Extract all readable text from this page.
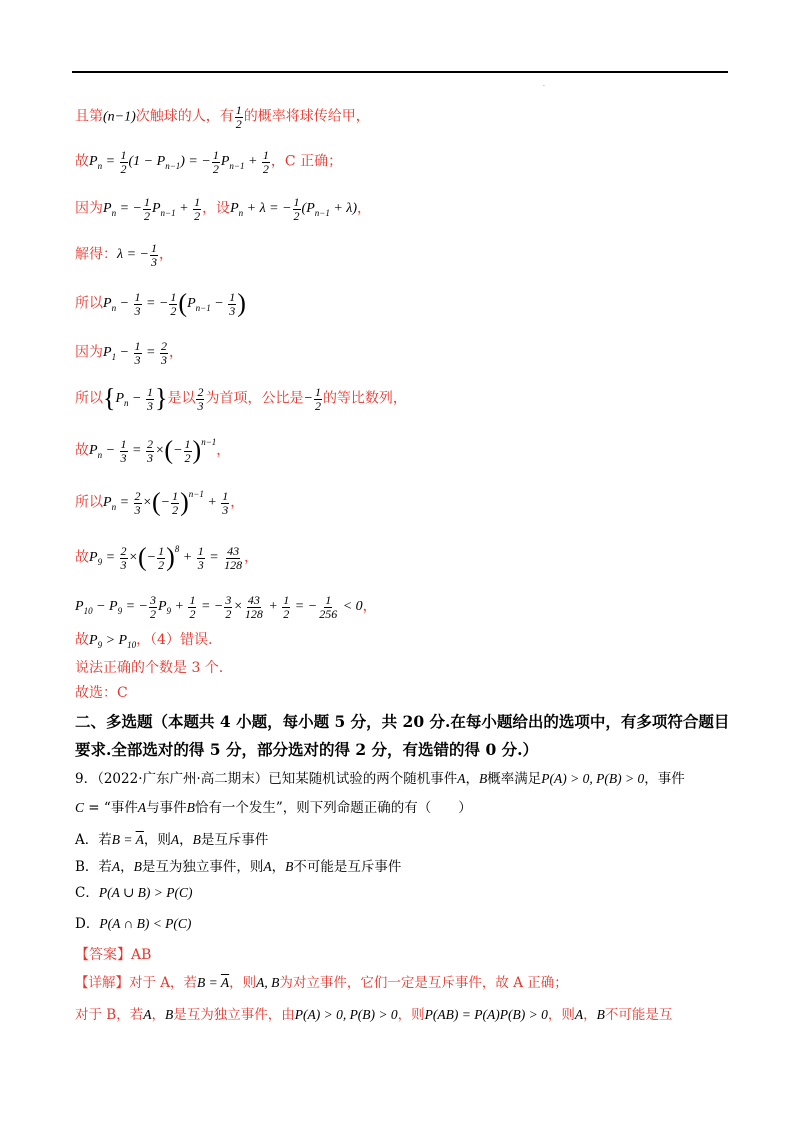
·
且第(n−1)次触球的人，有 $\frac{1}{2}$ 的概率将球传给甲，
故$P_n = \frac{1}{2} (1 - P_{n-1})$ = − $\frac{1}{2} P_{n-1} + \frac{1}{2}$ ，C 正确；
因为$P_n$ = − $\frac{1}{2} P_{n-1} + \frac{1}{2}$ ，设$P_n + \lambda$ = − $\frac{1}{2} (P_{n-1} + \lambda)$，
解得：λ = − $\frac{1}{3}$ ，
所以$P_n - \frac{1}{3}$ = − $\frac{1}{2} (P_{n-1} - \frac{1}{3}$ )
因为$P_1 - \frac{1}{3} = \frac{2}{3}$ ，
所以{$P_n - \frac{1}{3}$ }是以 $\frac{2}{3}$ 为首项，公比是− $\frac{1}{2}$ 的等比数列，
故$P_n - \frac{1}{3} = \frac{2}{3}$ ×(− $\frac{1}{2} )^{n-1}$，
所以$P_n = \frac{2}{3}$ ×(− $\frac{1}{2} )^{n-1} + \frac{1}{3}$ ，
故$P_9 = \frac{2}{3}$ ×(− $\frac{1}{2} )^8 + \frac{1}{3} = \frac{43}{128}$ ，
$P_{10} - P_9$ = − $\frac{3}{2} P_9 + \frac{1}{2}$ = − $\frac{3}{2} \times \frac{43}{128} + \frac{1}{2}$ = − $\frac{1}{256} < 0$，
故$P_9 > P_{10}$，（4）错误.
说法正确的个数是 3 个.
故选：C
二、多选题（本题共 4 小题，每小题 5 分，共 20 分.在每小题给出的选项中，有多项符合题目
要求.全部选对的得 5 分，部分选对的得 2 分，有选错的得 0 分.）
9．（2022·广东广州·高二期末）已知某随机试验的两个随机事件A，B概率满足P(A) > 0, P(B) > 0，事件
C = “事件A与事件B恰有一个发生”，则下列命题正确的有（　　）
A．若$B = \overline{A}$，则A，B是互斥事件
B．若A，B是互为独立事件，则A，B不可能是互斥事件
C．P(A ∪ B) > P(C)
D．P(A ∩ B) < P(C)
【答案】AB
【详解】对于 A，若$B = \overline{A}$，则A, B为对立事件，它们一定是互斥事件，故 A 正确；
对于 B，若A，B是互为独立事件，由P(A) > 0, P(B) > 0，则P(AB) = P(A)P(B) > 0，则A，B不可能是互
